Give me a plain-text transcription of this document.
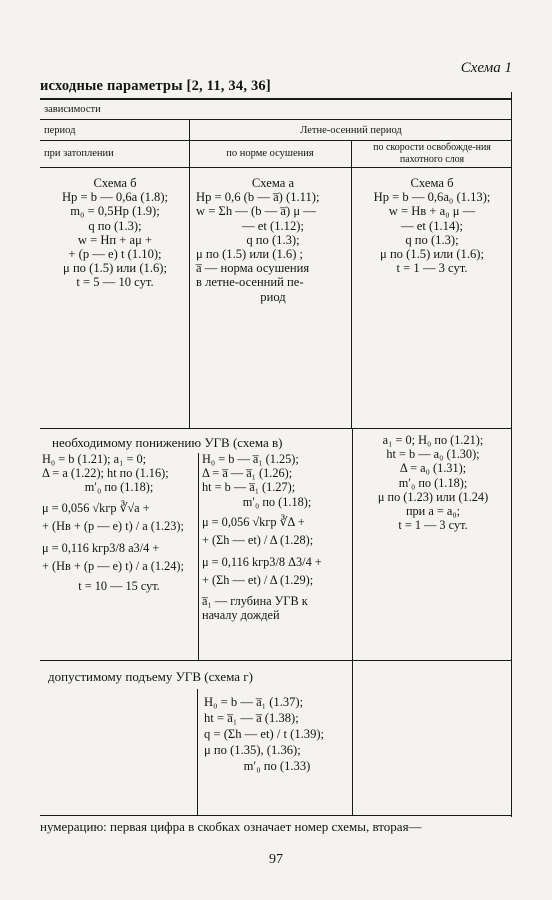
Схема 1
исходные параметры [2, 11, 34, 36]
зависимости
период	Летне-осенний период
при затоплении	по норме осушения
по скорости освобожде-ния пахотного слоя
Схема б
Hр = b — 0,6a (1.8);
m₀ = 0,5Hр (1.9);
q по (1.3);
w = Hп + aμ +
+ (p — e) t (1.10);
μ по (1.5) или (1.6);
t = 5 — 10 сут.
Схема а
Hр = 0,6 (b — a̅) (1.11);
w = Σh — (b — a̅) μ —
— et (1.12);
q по (1.3);
μ по (1.5) или (1.6) ;
a̅ — норма осушения
в летне-осенний пе-
риод
Схема б
Hр = b — 0,6a₀ (1.13);
w = Hв + a₀ μ —
— et (1.14);
q по (1.3);
μ по (1.5) или (1.6);
t = 1 — 3 сут.
необходимому понижению УГВ (схема в)
H₀ = b (1.21); a₁ = 0;
Δ = a (1.22); ht по (1.16);
m′₀ по (1.18);
μ = 0,056 √kгр ∛√a +
+ (Hв + (p — e) t) / a (1.23);
μ = 0,116 kгр3/8 a3/4 +
+ (Hв + (p — e) t) / a (1.24);
t = 10 — 15 сут.
H₀ = b — a̅₁ (1.25);
Δ = a̅ — a̅₁ (1.26);
ht = b — a̅₁ (1.27);
m′₀ по (1.18);
μ = 0,056 √kгр ∛Δ +
+ (Σh — et) / Δ (1.28);
μ = 0,116 kгр3/8 Δ3/4 +
+ (Σh — et) / Δ (1.29);
a̅₁ — глубина УГВ к
началу дождей
a₁ = 0; H₀ по (1.21);
ht = b — a₀ (1.30);
Δ = a₀ (1.31);
m′₀ по (1.18);
μ по (1.23) или (1.24)
при a = a₀;
t = 1 — 3 сут.
допустимому подъему УГВ (схема г)
H₀ = b — a̅₁ (1.37);
ht = a̅₁ — a̅ (1.38);
q = (Σh — et) / t (1.39);
μ по (1.35), (1.36);
m′₀ по (1.33)
нумерацию: первая цифра в скобках означает номер схемы, вторая—
97
